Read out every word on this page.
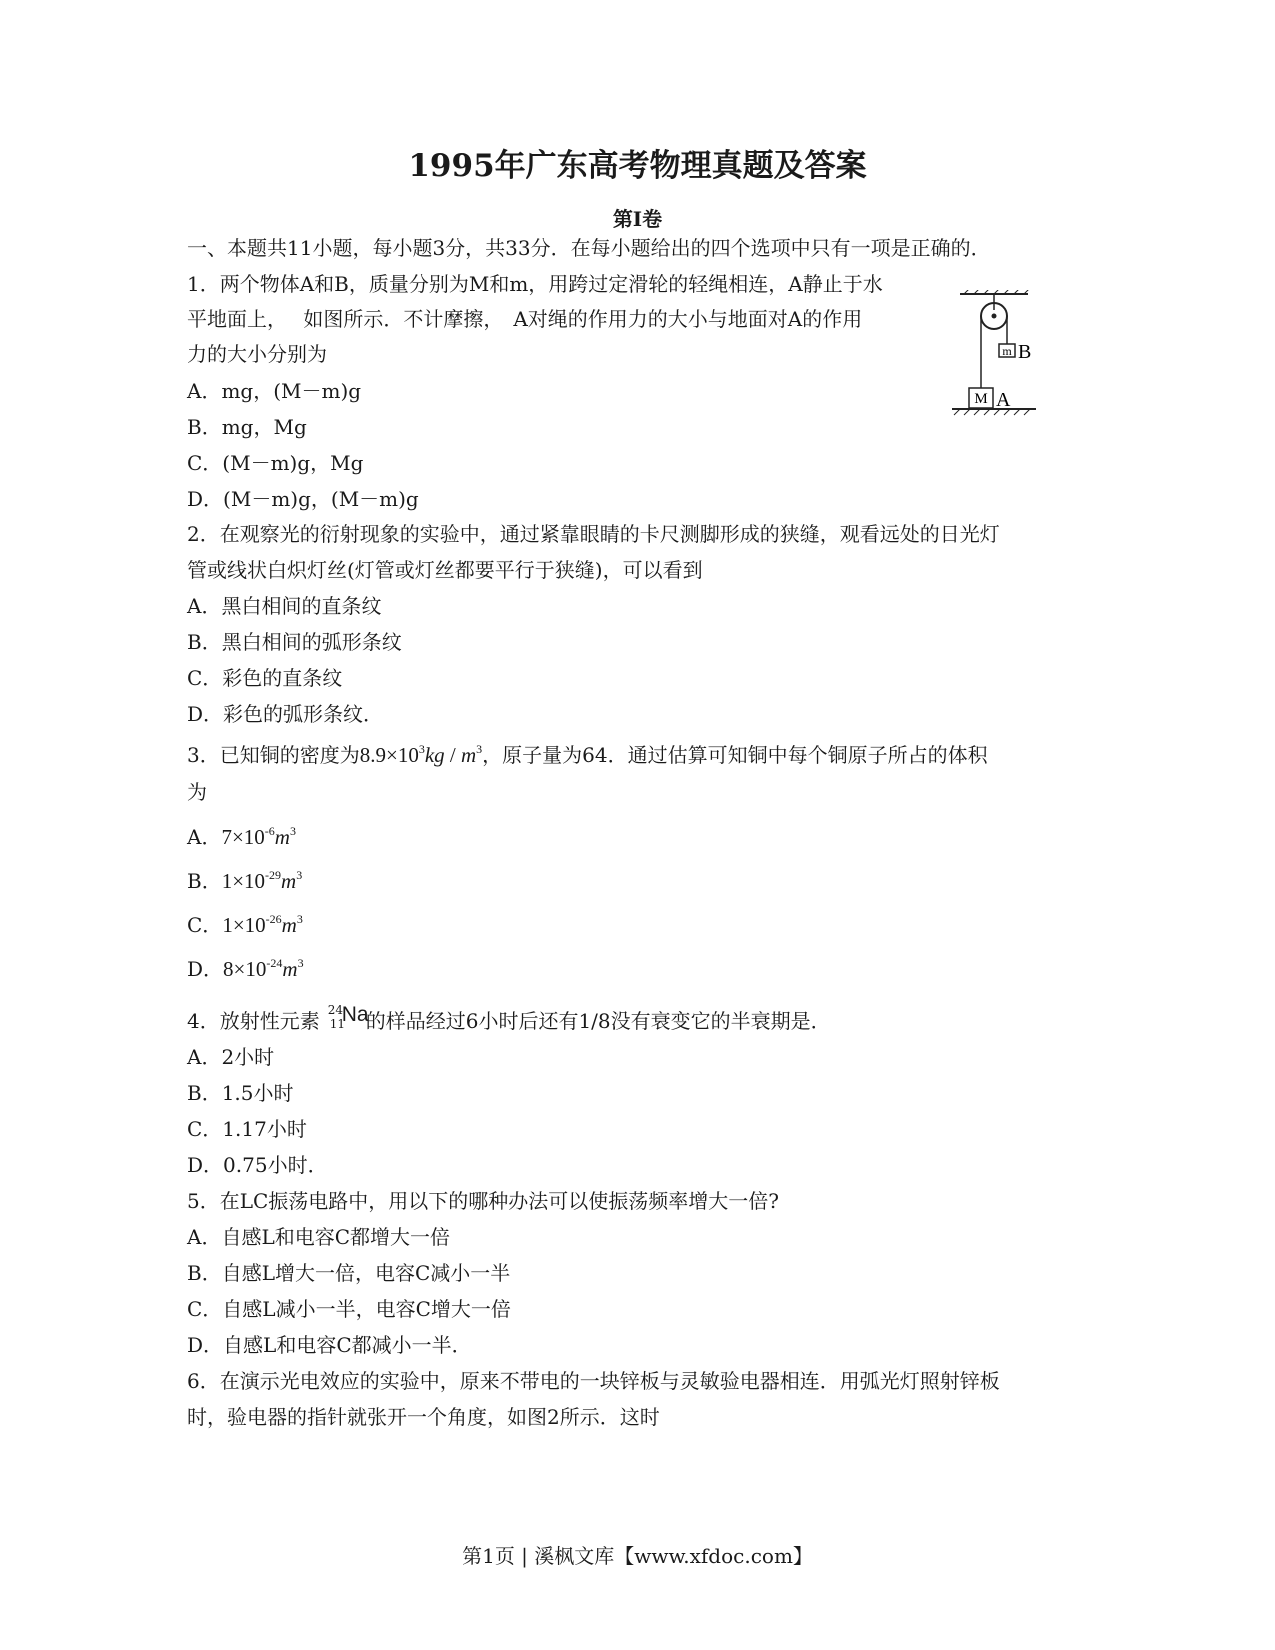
1995年广东高考物理真题及答案
第Ⅰ卷
一、本题共11小题，每小题3分，共33分．在每小题给出的四个选项中只有一项是正确的．
1．两个物体A和B，质量分别为M和m，用跨过定滑轮的轻绳相连，A静止于水
平地面上，　 如图所示．不计摩擦，　A对绳的作用力的大小与地面对A的作用
力的大小分别为
A．mg，(M－m)g
B．mg，Mg
C．(M－m)g，Mg
D．(M－m)g，(M－m)g
m B
M A
2．在观察光的衍射现象的实验中，通过紧靠眼睛的卡尺测脚形成的狭缝，观看远处的日光灯
管或线状白炽灯丝(灯管或灯丝都要平行于狭缝)，可以看到
A．黑白相间的直条纹
B．黑白相间的弧形条纹
C．彩色的直条纹
D．彩色的弧形条纹．
3．已知铜的密度为$8.9\times 10^3kg / m^3$，原子量为64．通过估算可知铜中每个铜原子所占的体积
为
A．$7\times 10^{-6}m^3$
B．$1\times 10^{-29}m^3$
C．$1\times 10^{-26}m^3$
D．$8\times 10^{-24}m^3$
4．放射性元素 24
11
Na
的样品经过6小时后还有1/8没有衰变它的半衰期是．
A．2小时
B．1.5小时
C．1.17小时
D．0.75小时．
5．在LC振荡电路中，用以下的哪种办法可以使振荡频率增大一倍?
A．自感L和电容C都增大一倍
B．自感L增大一倍，电容C减小一半
C．自感L减小一半，电容C增大一倍
D．自感L和电容C都减小一半．
6．在演示光电效应的实验中，原来不带电的一块锌板与灵敏验电器相连．用弧光灯照射锌板
时，验电器的指针就张开一个角度，如图2所示．这时
第1页 | 溪枫文库【www.xfdoc.com】
